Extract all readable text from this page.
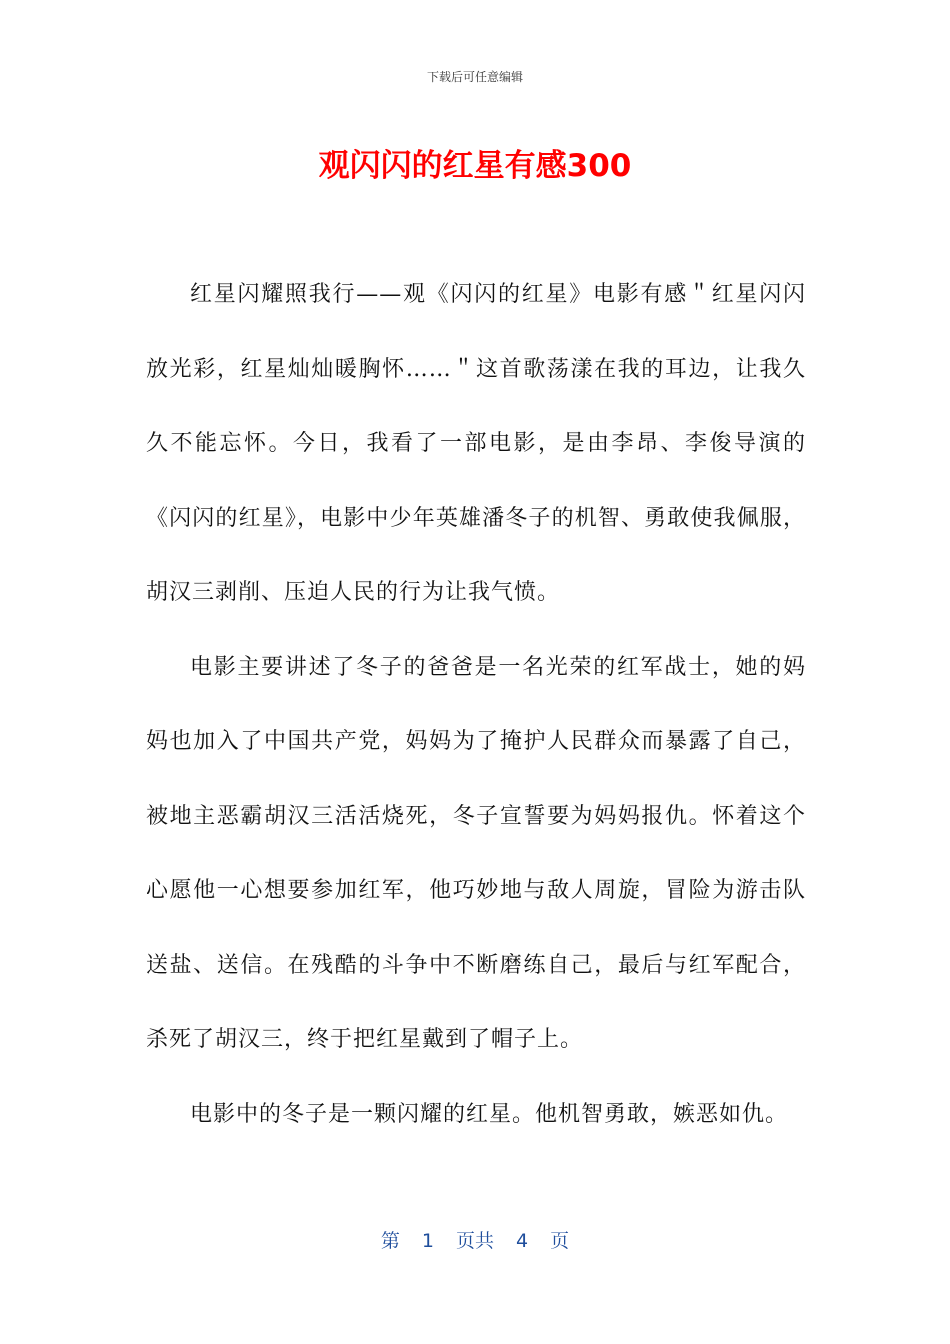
下载后可任意编辑
观闪闪的红星有感300

红星闪耀照我行——观《闪闪的红星》电影有感＂红星闪闪放光彩，红星灿灿暖胸怀……＂这首歌荡漾在我的耳边，让我久久不能忘怀。今日，我看了一部电影，是由李昂、李俊导演的《闪闪的红星》，电影中少年英雄潘冬子的机智、勇敢使我佩服，胡汉三剥削、压迫人民的行为让我气愤。

电影主要讲述了冬子的爸爸是一名光荣的红军战士，她的妈妈也加入了中国共产党，妈妈为了掩护人民群众而暴露了自己，被地主恶霸胡汉三活活烧死，冬子宣誓要为妈妈报仇。怀着这个心愿他一心想要参加红军，他巧妙地与敌人周旋，冒险为游击队送盐、送信。在残酷的斗争中不断磨练自己，最后与红军配合，杀死了胡汉三，终于把红星戴到了帽子上。

电影中的冬子是一颗闪耀的红星。他机智勇敢，嫉恶如仇。

第 1 页共 4 页
